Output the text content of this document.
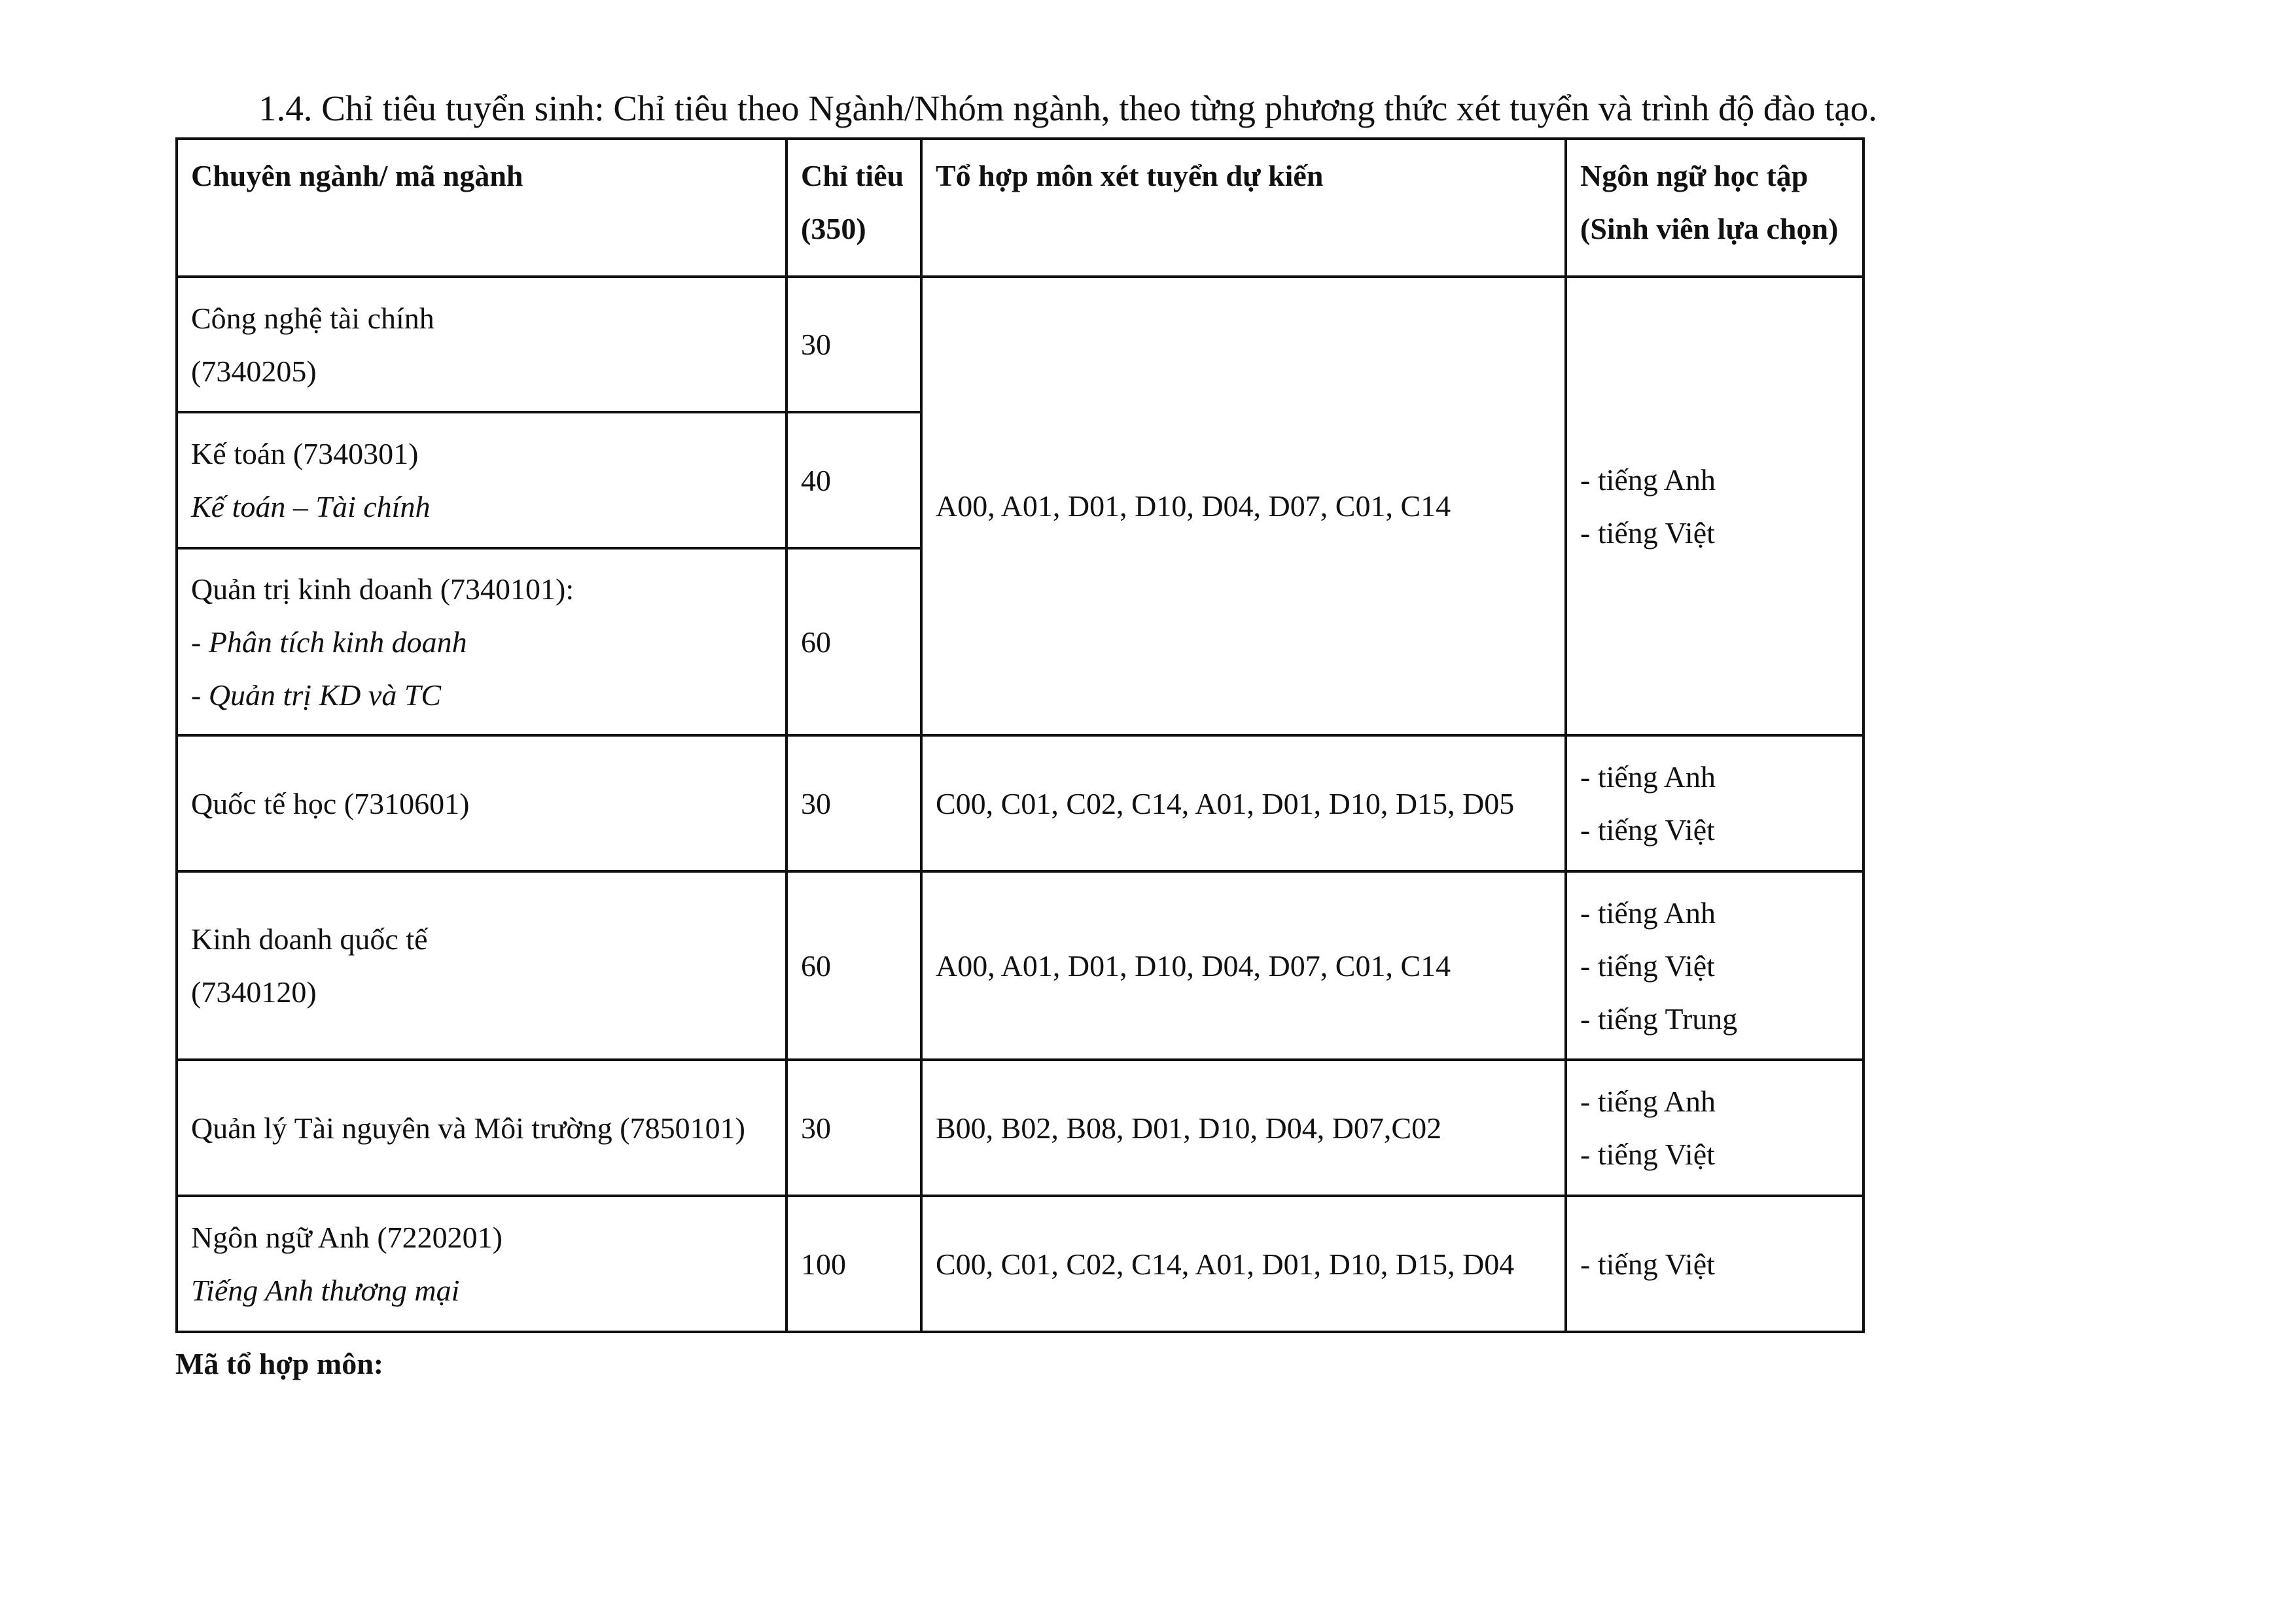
1.4. Chỉ tiêu tuyển sinh: Chỉ tiêu theo Ngành/Nhóm ngành, theo từng phương thức xét tuyển và trình độ đào tạo.
Chuyên ngành/ mã ngành	Chỉ tiêu
(350)	Tổ hợp môn xét tuyển dự kiến	Ngôn ngữ học tập
(Sinh viên lựa chọn)

Công nghệ tài chính
(7340205)	30	A00, A01, D01, D10, D04, D07, C01, C14	- tiếng Anh
- tiếng Việt

Kế toán (7340301)
Kế toán – Tài chính	40		

Quản trị kinh doanh (7340101):
- Phân tích kinh doanh
- Quản trị KD và TC	60		

Quốc tế học (7310601)	30	C00, C01, C02, C14, A01, D01, D10, D15, D05	- tiếng Anh
- tiếng Việt

Kinh doanh quốc tế
(7340120)	60	A00, A01, D01, D10, D04, D07, C01, C14	- tiếng Anh
- tiếng Việt
- tiếng Trung

Quản lý Tài nguyên và Môi trường (7850101)	30	B00, B02, B08, D01, D10, D04, D07,C02	- tiếng Anh
- tiếng Việt

Ngôn ngữ Anh (7220201)
Tiếng Anh thương mại	100	C00, C01, C02, C14, A01, D01, D10, D15, D04	- tiếng Việt
Mã tổ hợp môn:
